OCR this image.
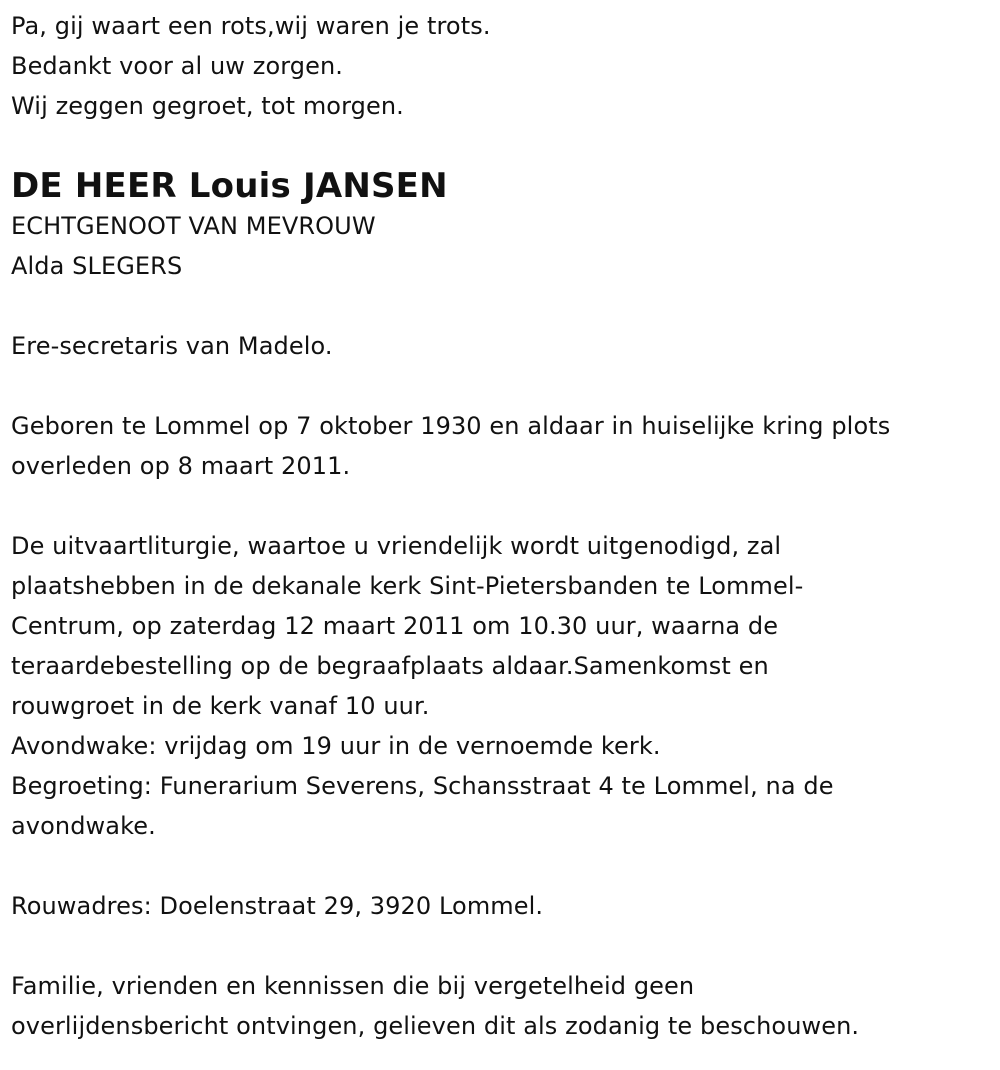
Pa, gij waart een rots,wij waren je trots.
Bedankt voor al uw zorgen.
Wij zeggen gegroet, tot morgen.
DE HEER Louis JANSEN
ECHTGENOOT VAN MEVROUW
Alda SLEGERS
Ere-secretaris van Madelo.
Geboren te Lommel op 7 oktober 1930 en aldaar in huiselijke kring plots
overleden op 8 maart 2011.
De uitvaartliturgie, waartoe u vriendelijk wordt uitgenodigd, zal
plaatshebben in de dekanale kerk Sint-Pietersbanden te Lommel-
Centrum, op zaterdag 12 maart 2011 om 10.30 uur, waarna de
teraardebestelling op de begraafplaats aldaar.Samenkomst en
rouwgroet in de kerk vanaf 10 uur.
Avondwake: vrijdag om 19 uur in de vernoemde kerk.
Begroeting: Funerarium Severens, Schansstraat 4 te Lommel, na de
avondwake.
Rouwadres: Doelenstraat 29, 3920 Lommel.
Familie, vrienden en kennissen die bij vergetelheid geen
overlijdensbericht ontvingen, gelieven dit als zodanig te beschouwen.
